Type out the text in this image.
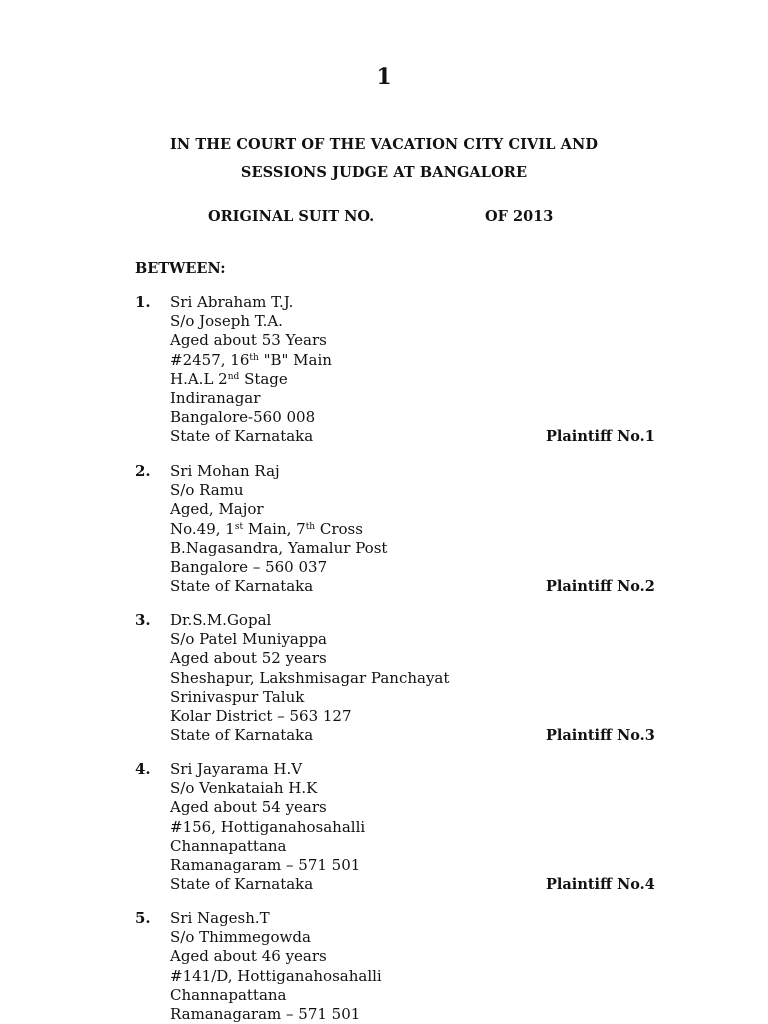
1
IN THE COURT OF THE VACATION CITY CIVIL AND
SESSIONS JUDGE AT BANGALORE
ORIGINAL SUIT NO.	OF 2013
BETWEEN:
1. Sri Abraham T.J.
S/o Joseph T.A.
Aged about 53 Years
#2457, 16th "B" Main
H.A.L 2nd Stage
Indiranagar
Bangalore-560 008
State of Karnataka	Plaintiff No.1
2. Sri Mohan Raj
S/o Ramu
Aged, Major
No.49, 1st Main, 7th Cross
B.Nagasandra, Yamalur Post
Bangalore – 560 037
State of Karnataka	Plaintiff No.2
3. Dr.S.M.Gopal
S/o Patel Muniyappa
Aged about 52 years
Sheshapur, Lakshmisagar Panchayat
Srinivaspur Taluk
Kolar District – 563 127
State of Karnataka	Plaintiff No.3
4. Sri Jayarama H.V
S/o Venkataiah H.K
Aged about 54 years
#156, Hottiganahosahalli
Channapattana
Ramanagaram – 571 501
State of Karnataka	Plaintiff No.4
5. Sri Nagesh.T
S/o Thimmegowda
Aged about 46 years
#141/D, Hottiganahosahalli
Channapattana
Ramanagaram – 571 501
